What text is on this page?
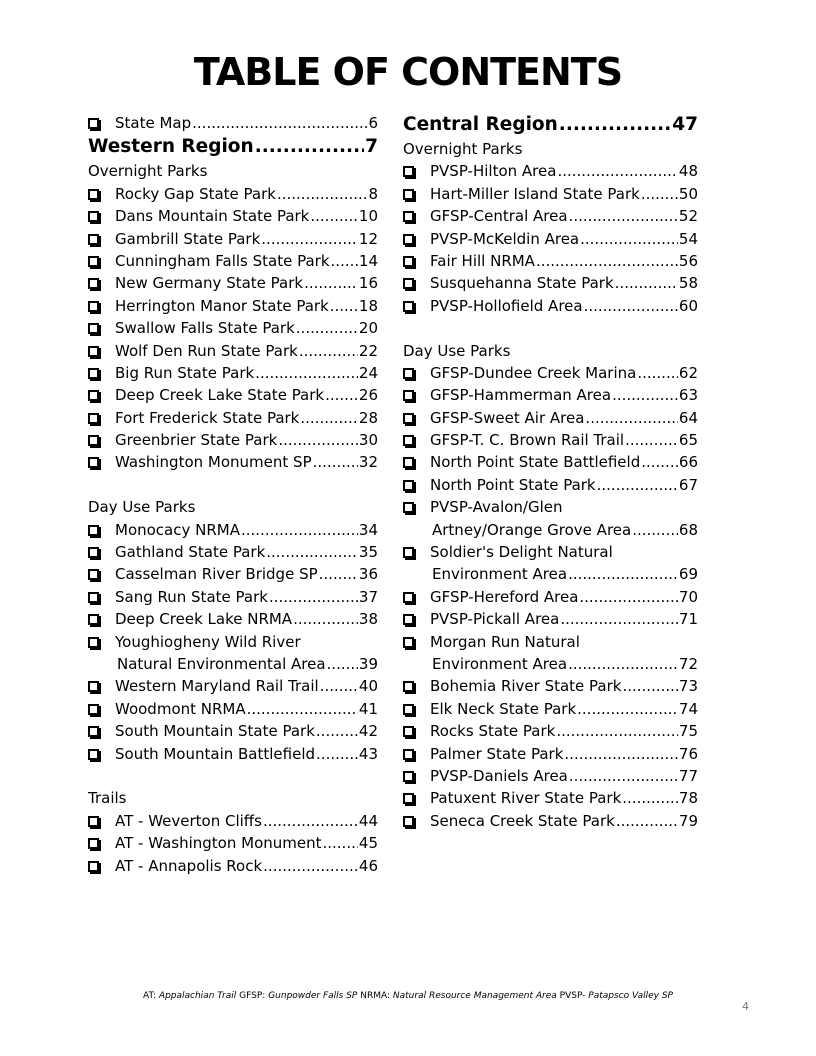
TABLE OF CONTENTS
State Map .....	6
Western Region .....	7
Overnight Parks
Rocky Gap State Park .....	8
Dans Mountain State Park .....	10
Gambrill State Park .....	12
Cunningham Falls State Park ..... 14
New Germany State Park .....	16
Herrington Manor State Park ..... 18
Swallow Falls State Park .....	20
Wolf Den Run State Park .....	22
Big Run State Park .....	24
Deep Creek Lake State Park ..... 26
Fort Frederick State Park .....	28
Greenbrier State Park .....	30
Washington Monument SP .....	32
Day Use Parks
Monocacy NRMA .....	34
Gathland State Park .....	35
Casselman River Bridge SP .....	36
Sang Run State Park .....	37
Deep Creek Lake NRMA .....	38
Youghiogheny Wild River
Natural Environmental Area ..... 39
Western Maryland Rail Trail .....	40
Woodmont NRMA .....	41
South Mountain State Park .....	42
South Mountain Battlefield .....	43
Trails
AT - Weverton Cliffs .....	44
AT - Washington Monument ..... 45
AT - Annapolis Rock .....	46
Central Region .....	47
Overnight Parks
PVSP-Hilton Area .....	48
Hart-Miller Island State Park .....	50
GFSP-Central Area .....	52
PVSP-McKeldin Area .....	54
Fair Hill NRMA .....	56
Susquehanna State Park .....	58
PVSP-Hollofield Area .....	60
Day Use Parks
GFSP-Dundee Creek Marina .....	62
GFSP-Hammerman Area .....	63
GFSP-Sweet Air Area .....	64
GFSP-T. C. Brown Rail Trail .....	65
North Point State Battlefield .....	66
North Point State Park .....	67
PVSP-Avalon/Glen
Artney/Orange Grove Area .....	68
Soldier's Delight Natural
Environment Area .....	69
GFSP-Hereford Area .....	70
PVSP-Pickall Area .....	71
Morgan Run Natural
Environment Area .....	72
Bohemia River State Park .....	73
Elk Neck State Park .....	74
Rocks State Park .....	75
Palmer State Park .....	76
PVSP-Daniels Area .....	77
Patuxent River State Park .....	78
Seneca Creek State Park .....	79
AT: Appalachian Trail GFSP: Gunpowder Falls SP NRMA: Natural Resource Management Area PVSP- Patapsco Valley SP
4
